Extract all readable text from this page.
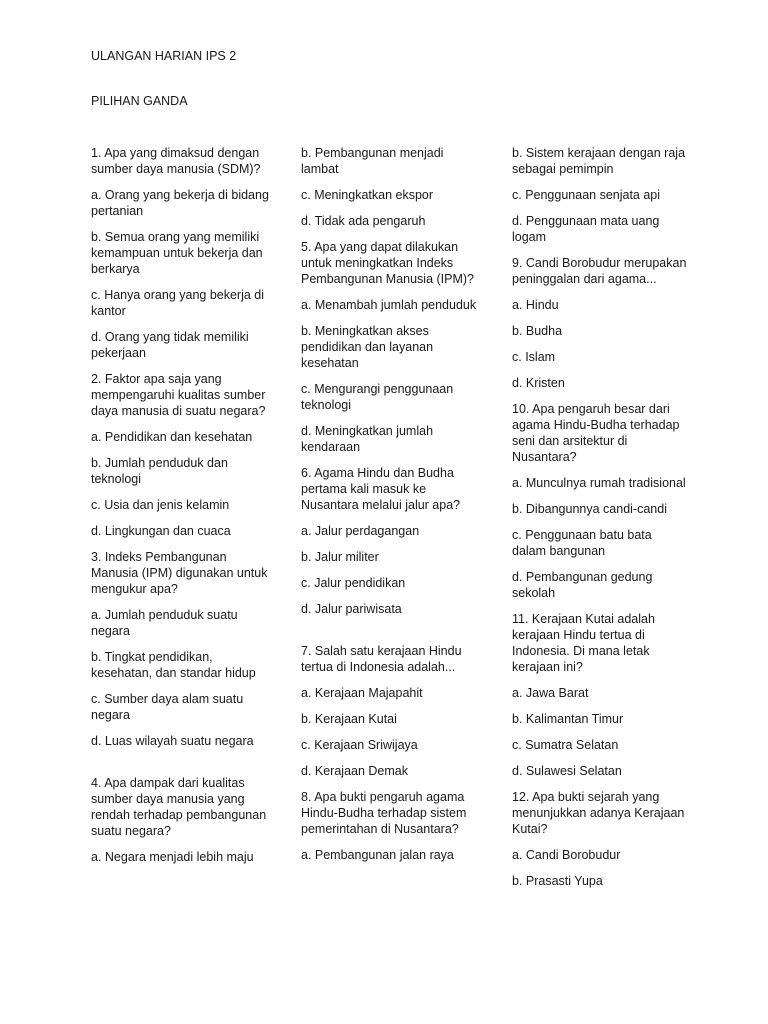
ULANGAN HARIAN IPS 2
PILIHAN GANDA
1. Apa yang dimaksud dengan sumber daya manusia (SDM)?
a. Orang yang bekerja di bidang pertanian
b. Semua orang yang memiliki kemampuan untuk bekerja dan berkarya
c. Hanya orang yang bekerja di kantor
d. Orang yang tidak memiliki pekerjaan
2. Faktor apa saja yang mempengaruhi kualitas sumber daya manusia di suatu negara?
a. Pendidikan dan kesehatan
b. Jumlah penduduk dan teknologi
c. Usia dan jenis kelamin
d. Lingkungan dan cuaca
3. Indeks Pembangunan Manusia (IPM) digunakan untuk mengukur apa?
a. Jumlah penduduk suatu negara
b. Tingkat pendidikan, kesehatan, dan standar hidup
c. Sumber daya alam suatu negara
d. Luas wilayah suatu negara
4. Apa dampak dari kualitas sumber daya manusia yang rendah terhadap pembangunan suatu negara?
a. Negara menjadi lebih maju
b. Pembangunan menjadi lambat
c. Meningkatkan ekspor
d. Tidak ada pengaruh
5. Apa yang dapat dilakukan untuk meningkatkan Indeks Pembangunan Manusia (IPM)?
a. Menambah jumlah penduduk
b. Meningkatkan akses pendidikan dan layanan kesehatan
c. Mengurangi penggunaan teknologi
d. Meningkatkan jumlah kendaraan
6. Agama Hindu dan Budha pertama kali masuk ke Nusantara melalui jalur apa?
a. Jalur perdagangan
b. Jalur militer
c. Jalur pendidikan
d. Jalur pariwisata
7. Salah satu kerajaan Hindu tertua di Indonesia adalah...
a. Kerajaan Majapahit
b. Kerajaan Kutai
c. Kerajaan Sriwijaya
d. Kerajaan Demak
8. Apa bukti pengaruh agama Hindu-Budha terhadap sistem pemerintahan di Nusantara?
a. Pembangunan jalan raya
b. Sistem kerajaan dengan raja sebagai pemimpin
c. Penggunaan senjata api
d. Penggunaan mata uang logam
9. Candi Borobudur merupakan peninggalan dari agama...
a. Hindu
b. Budha
c. Islam
d. Kristen
10. Apa pengaruh besar dari agama Hindu-Budha terhadap seni dan arsitektur di Nusantara?
a. Munculnya rumah tradisional
b. Dibangunnya candi-candi
c. Penggunaan batu bata dalam bangunan
d. Pembangunan gedung sekolah
11. Kerajaan Kutai adalah kerajaan Hindu tertua di Indonesia. Di mana letak kerajaan ini?
a. Jawa Barat
b. Kalimantan Timur
c. Sumatra Selatan
d. Sulawesi Selatan
12. Apa bukti sejarah yang menunjukkan adanya Kerajaan Kutai?
a. Candi Borobudur
b. Prasasti Yupa
